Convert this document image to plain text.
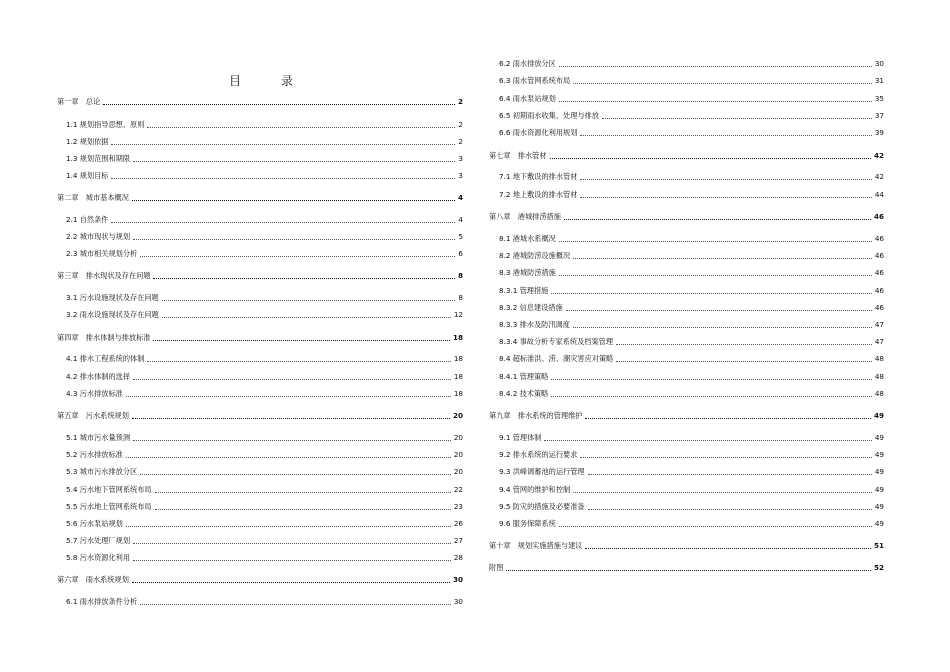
目　录
第一章　总论	2
1.1 规划指导思想、原则	2
1.2 规划依据	2
1.3 规划范围和期限	3
1.4 规划目标	3
第二章　城市基本概况	4
2.1 自然条件	4
2.2 城市现状与规划	5
2.3 城市相关规划分析	6
第三章　排水现状及存在问题	8
3.1 污水设施现状及存在问题	8
3.2 雨水设施现状及存在问题	12
第四章　排水体制与排放标准	18
4.1 排水工程系统的体制	18
4.2 排水体制的选择	18
4.3 污水排放标准	18
第五章　污水系统规划	20
5.1 城市污水量预测	20
5.2 污水排放标准	20
5.3 城市污水排放分区	20
5.4 污水地下管网系统布局	22
5.5 污水地上管网系统布局	23
5.6 污水泵站规划	26
5.7 污水处理厂规划	27
5.8 污水资源化利用	28
第六章　雨水系统规划	30
6.1 雨水排放条件分析	30
6.2 雨水排放分区	30
6.3 雨水管网系统布局	31
6.4 雨水泵站规划	35
6.5 初期雨水收集、处理与排放	37
6.6 雨水资源化利用规划	39
第七章　排水管材	42
7.1 地下敷设的排水管材	42
7.2 地上敷设的排水管材	44
第八章　港城排涝措施	46
8.1 港城水系概况	46
8.2 港城防涝设施概况	46
8.3 港城防涝措施	46
8.3.1 管理措施	46
8.3.2 信息建设措施	46
8.3.3 排水及防汛调度	47
8.3.4 事故分析专家系统及档案管理	47
8.4 超标准洪、涝、潮灾害应对策略	48
8.4.1 管理策略	48
8.4.2 技术策略	48
第九章　排水系统的管理维护	49
9.1 管理体制	49
9.2 排水系统的运行要求	49
9.3 洪峰调蓄池的运行管理	49
9.4 管网的维护和控制	49
9.5 防灾的措施及必要准备	49
9.6 服务保障系统	49
第十章　规划实施措施与建议	51
附图	52
